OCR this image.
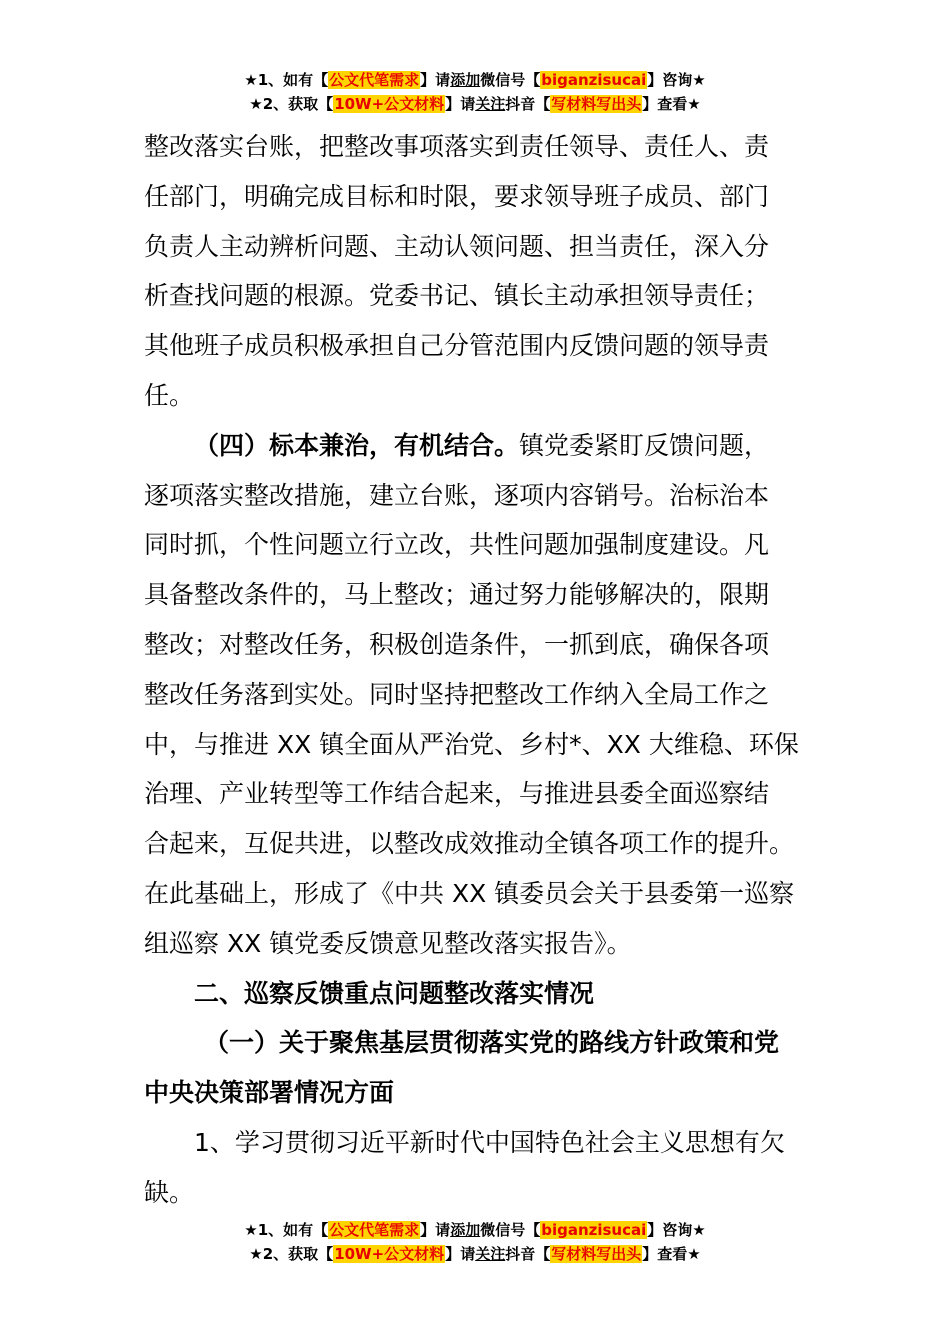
★1、如有【公文代笔需求】请添加微信号【biganzisucai】咨询★
★2、获取【10W+公文材料】请关注抖音【写材料写出头】查看★

整改落实台账，把整改事项落实到责任领导、责任人、责
任部门，明确完成目标和时限，要求领导班子成员、部门
负责人主动辨析问题、主动认领问题、担当责任，深入分
析查找问题的根源。党委书记、镇长主动承担领导责任；
其他班子成员积极承担自己分管范围内反馈问题的领导责
任。

（四）标本兼治，有机结合。镇党委紧盯反馈问题，
逐项落实整改措施，建立台账，逐项内容销号。治标治本
同时抓，个性问题立行立改，共性问题加强制度建设。凡
具备整改条件的，马上整改；通过努力能够解决的，限期
整改；对整改任务，积极创造条件，一抓到底，确保各项
整改任务落到实处。同时坚持把整改工作纳入全局工作之
中，与推进 XX 镇全面从严治党、乡村*、XX 大维稳、环保
治理、产业转型等工作结合起来，与推进县委全面巡察结
合起来，互促共进，以整改成效推动全镇各项工作的提升。
在此基础上，形成了《中共 XX 镇委员会关于县委第一巡察
组巡察 XX 镇党委反馈意见整改落实报告》。

二、巡察反馈重点问题整改落实情况

（一）关于聚焦基层贯彻落实党的路线方针政策和党
中央决策部署情况方面

1、学习贯彻习近平新时代中国特色社会主义思想有欠
缺。

★1、如有【公文代笔需求】请添加微信号【biganzisucai】咨询★
★2、获取【10W+公文材料】请关注抖音【写材料写出头】查看★
